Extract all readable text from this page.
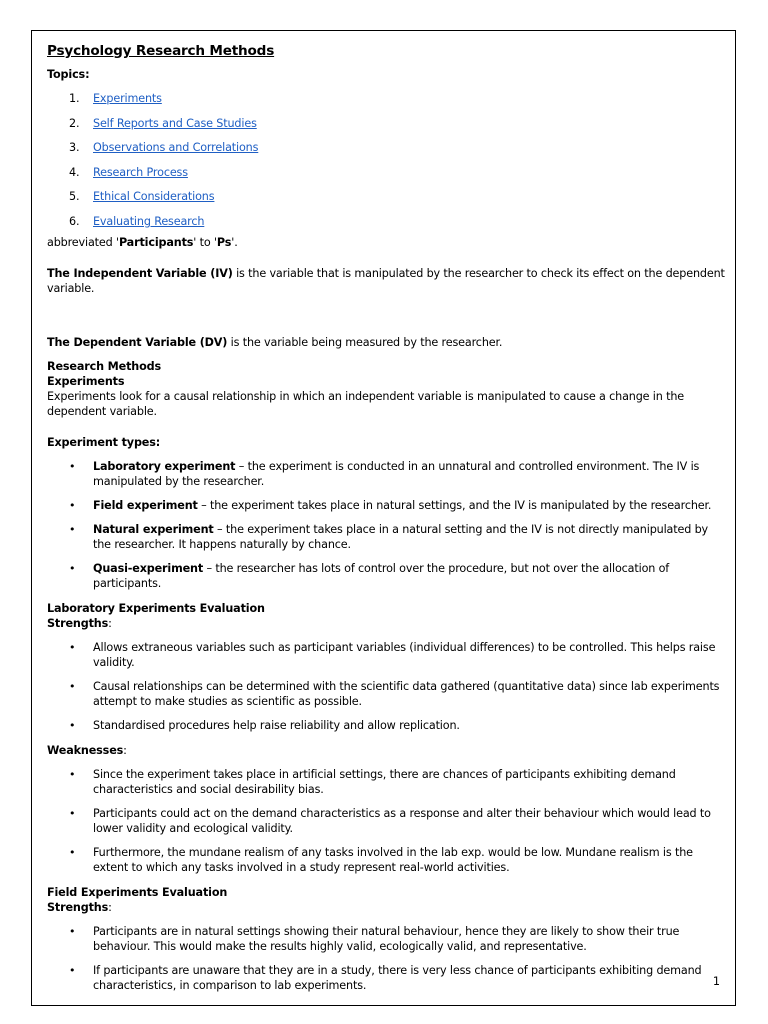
Psychology Research Methods

Topics:

1. Experiments
2. Self Reports and Case Studies
3. Observations and Correlations
4. Research Process
5. Ethical Considerations
6. Evaluating Research

abbreviated 'Participants' to 'Ps'.

The Independent Variable (IV) is the variable that is manipulated by the researcher to check its effect on the dependent variable.

The Dependent Variable (DV) is the variable being measured by the researcher.

Research Methods

Experiments

Experiments look for a causal relationship in which an independent variable is manipulated to cause a change in the dependent variable.

Experiment types:

• Laboratory experiment – the experiment is conducted in an unnatural and controlled environment. The IV is manipulated by the researcher.
• Field experiment – the experiment takes place in natural settings, and the IV is manipulated by the researcher.
• Natural experiment – the experiment takes place in a natural setting and the IV is not directly manipulated by the researcher. It happens naturally by chance.
• Quasi-experiment – the researcher has lots of control over the procedure, but not over the allocation of participants.

Laboratory Experiments Evaluation

Strengths:

• Allows extraneous variables such as participant variables (individual differences) to be controlled. This helps raise validity.
• Causal relationships can be determined with the scientific data gathered (quantitative data) since lab experiments attempt to make studies as scientific as possible.
• Standardised procedures help raise reliability and allow replication.

Weaknesses:

• Since the experiment takes place in artificial settings, there are chances of participants exhibiting demand characteristics and social desirability bias.
• Participants could act on the demand characteristics as a response and alter their behaviour which would lead to lower validity and ecological validity.
• Furthermore, the mundane realism of any tasks involved in the lab exp. would be low. Mundane realism is the extent to which any tasks involved in a study represent real-world activities.

Field Experiments Evaluation

Strengths:

• Participants are in natural settings showing their natural behaviour, hence they are likely to show their true behaviour. This would make the results highly valid, ecologically valid, and representative.
• If participants are unaware that they are in a study, there is very less chance of participants exhibiting demand characteristics, in comparison to lab experiments.	1
